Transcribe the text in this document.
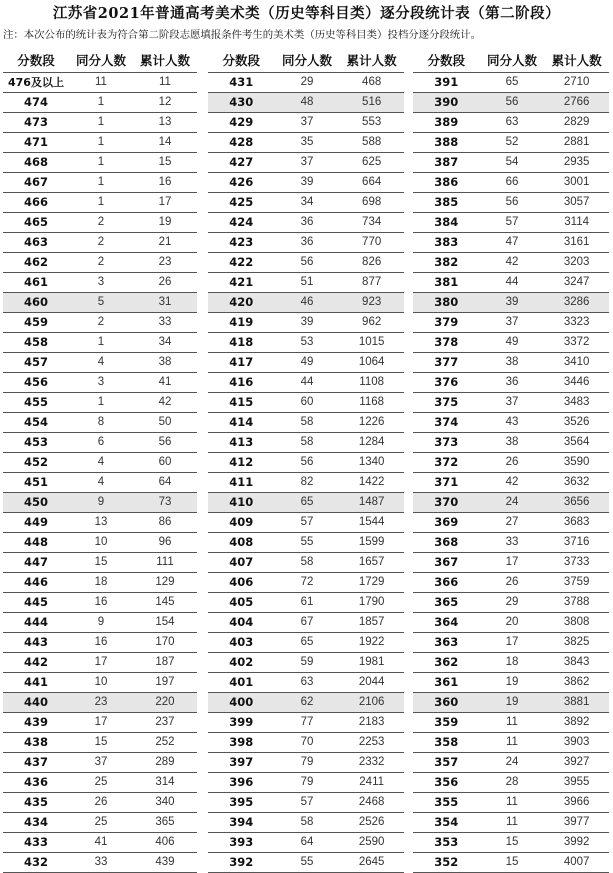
江苏省2021年普通高考美术类（历史等科目类）逐分段统计表（第二阶段）
注：本次公布的统计表为符合第二阶段志愿填报条件考生的美术类（历史等科目类）投档分逐分段统计。
分数段	同分人数	累计人数
476及以上	11	11
474	1	12
473	1	13
471	1	14
468	1	15
467	1	16
466	1	17
465	2	19
463	2	21
462	2	23
461	3	26
460	5	31
459	2	33
458	1	34
457	4	38
456	3	41
455	1	42
454	8	50
453	6	56
452	4	60
451	4	64
450	9	73
449	13	86
448	10	96
447	15	111
446	18	129
445	16	145
444	9	154
443	16	170
442	17	187
441	10	197
440	23	220
439	17	237
438	15	252
437	37	289
436	25	314
435	26	340
434	25	365
433	41	406
432	33	439
分数段	同分人数	累计人数
431	29	468
430	48	516
429	37	553
428	35	588
427	37	625
426	39	664
425	34	698
424	36	734
423	36	770
422	56	826
421	51	877
420	46	923
419	39	962
418	53	1015
417	49	1064
416	44	1108
415	60	1168
414	58	1226
413	58	1284
412	56	1340
411	82	1422
410	65	1487
409	57	1544
408	55	1599
407	58	1657
406	72	1729
405	61	1790
404	67	1857
403	65	1922
402	59	1981
401	63	2044
400	62	2106
399	77	2183
398	70	2253
397	79	2332
396	79	2411
395	57	2468
394	58	2526
393	64	2590
392	55	2645
分数段	同分人数	累计人数
391	65	2710
390	56	2766
389	63	2829
388	52	2881
387	54	2935
386	66	3001
385	56	3057
384	57	3114
383	47	3161
382	42	3203
381	44	3247
380	39	3286
379	37	3323
378	49	3372
377	38	3410
376	36	3446
375	37	3483
374	43	3526
373	38	3564
372	26	3590
371	42	3632
370	24	3656
369	27	3683
368	33	3716
367	17	3733
366	26	3759
365	29	3788
364	20	3808
363	17	3825
362	18	3843
361	19	3862
360	19	3881
359	11	3892
358	11	3903
357	24	3927
356	28	3955
355	11	3966
354	11	3977
353	15	3992
352	15	4007
